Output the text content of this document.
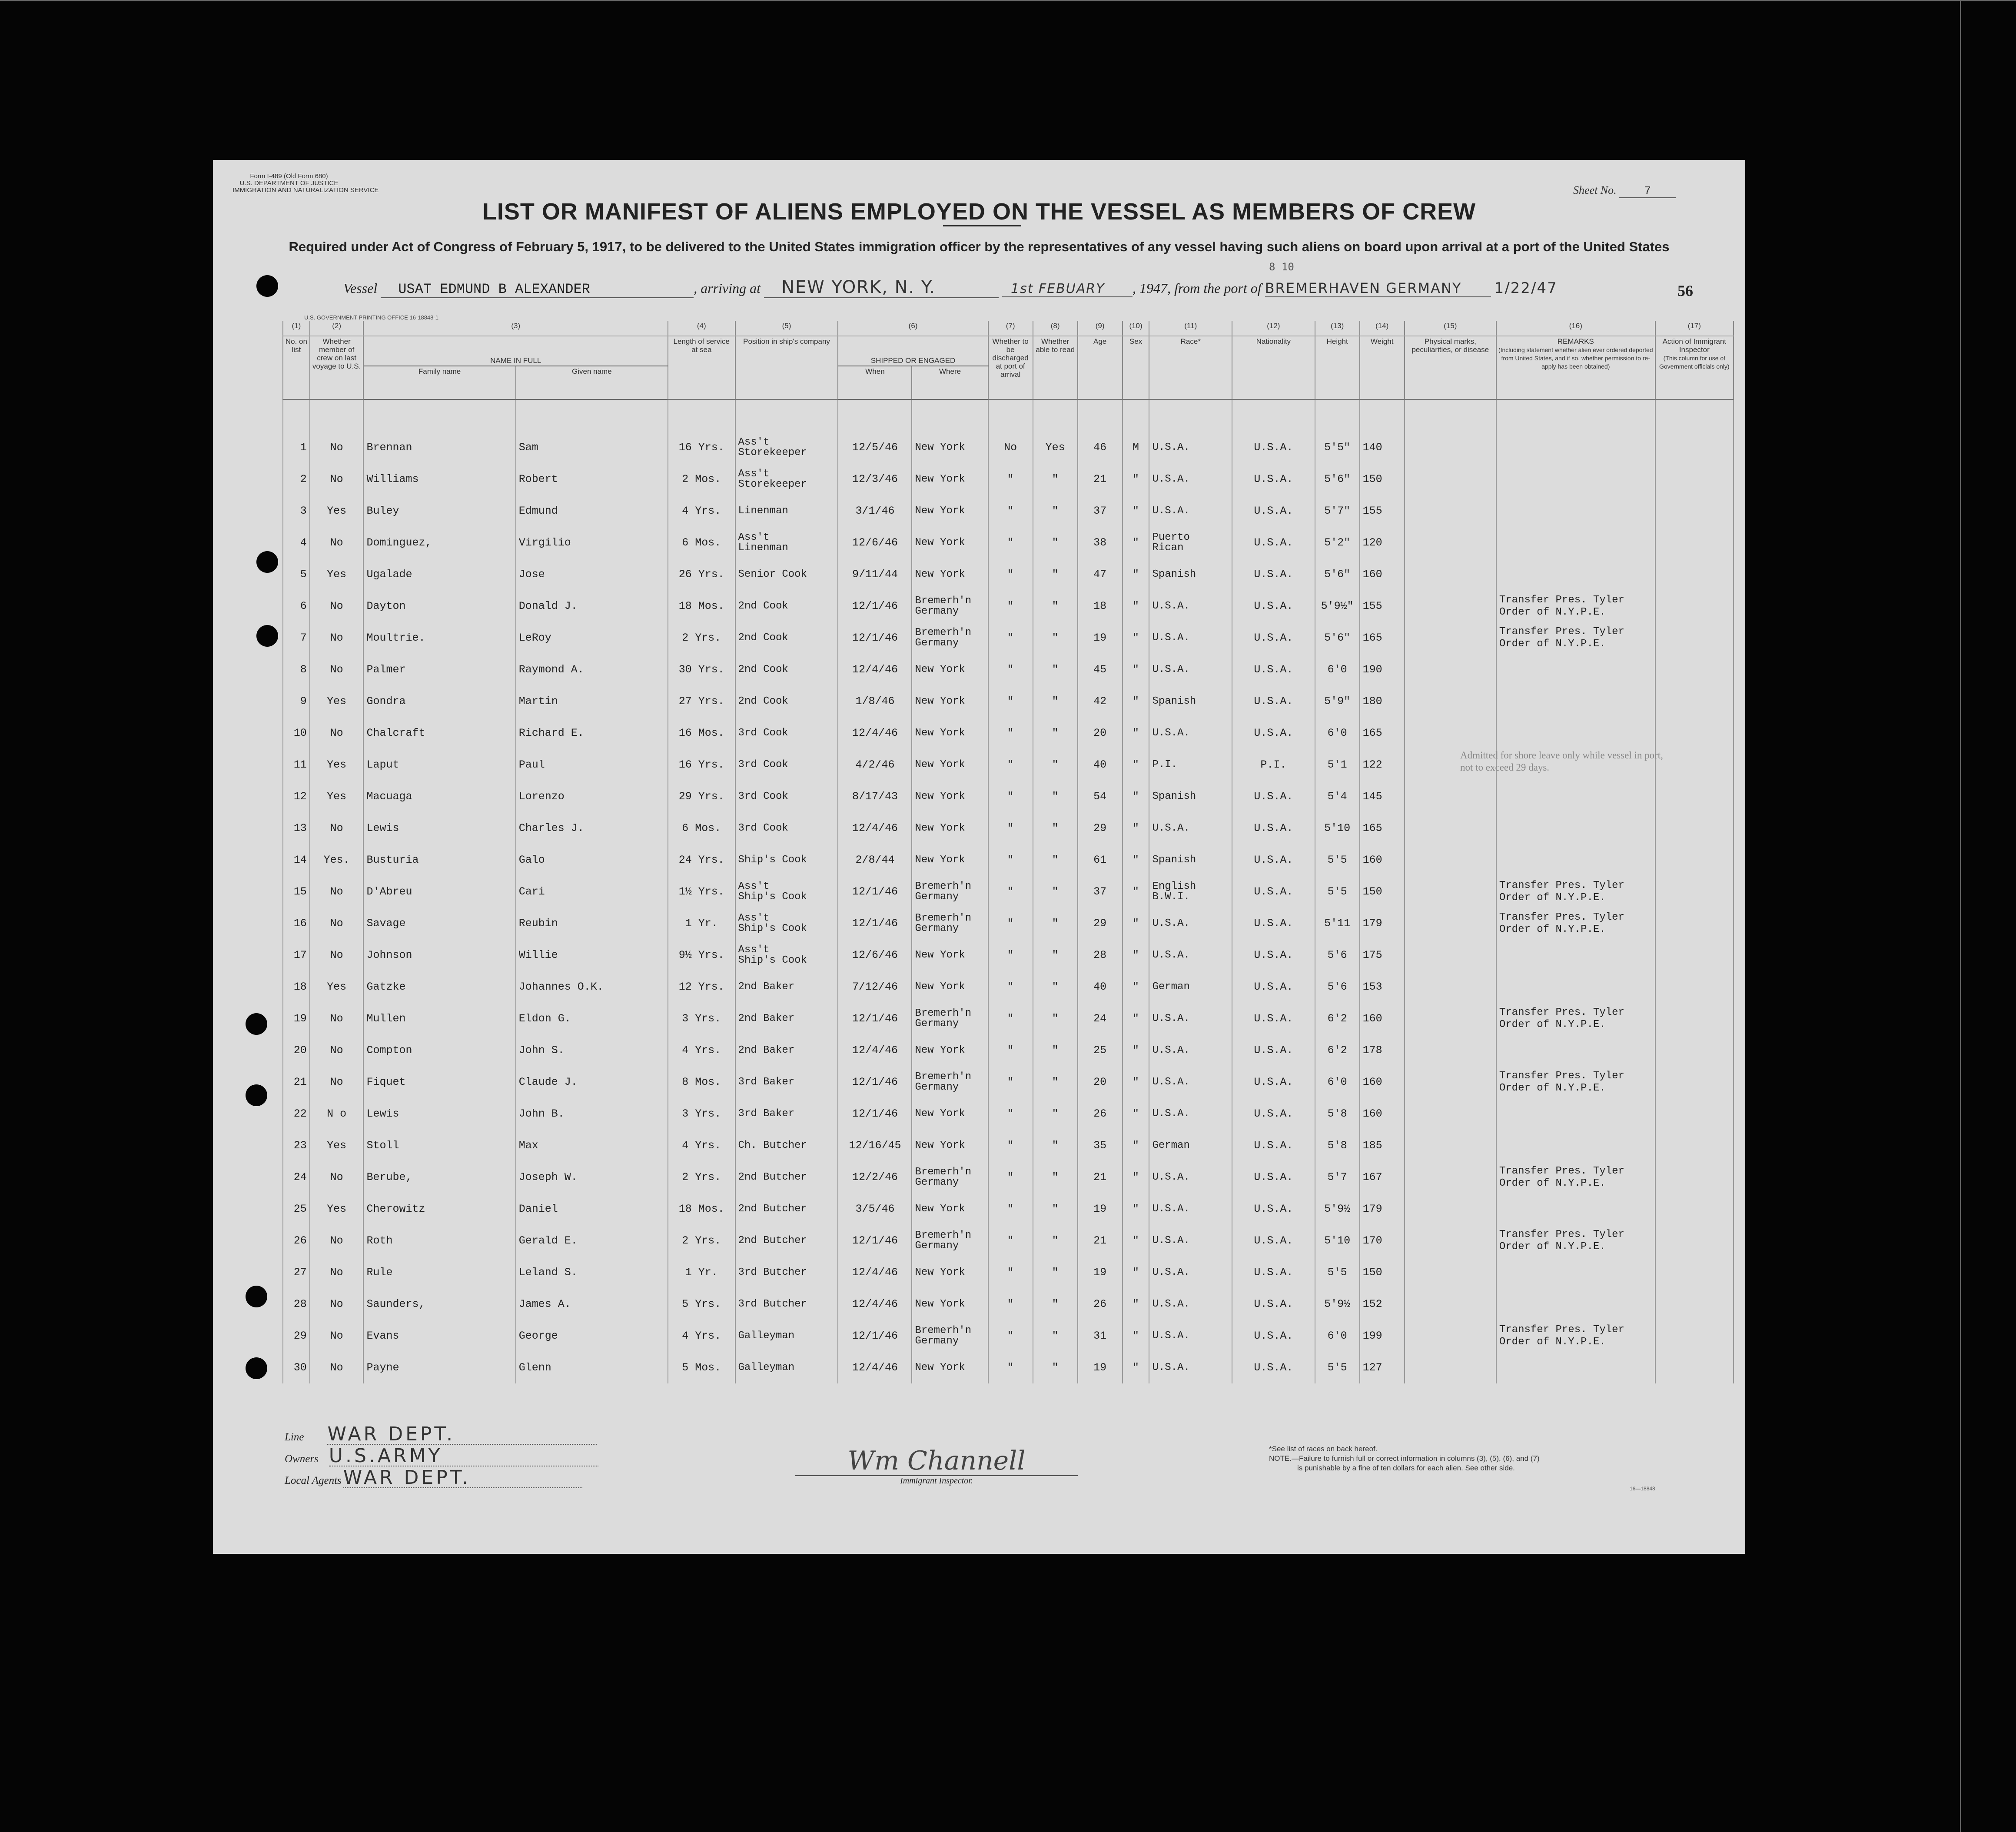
Form I-489 (Old Form 680)
U.S. DEPARTMENT OF JUSTICE
IMMIGRATION AND NATURALIZATION SERVICE	Sheet No. 7
LIST OR MANIFEST OF ALIENS EMPLOYED ON THE VESSEL AS MEMBERS OF CREW
Required under Act of Congress of February 5, 1917, to be delivered to the United States immigration officer by the representatives of any vessel having such aliens on board upon arrival at a port of the United States
8 10
Vessel USAT EDMUND B ALEXANDER	, arriving at NEW YORK, N. Y.	1st FEBUARY , 1947, from the port of BREMERHAVEN GERMANY 1/22/47	56
U.S. GOVERNMENT PRINTING OFFICE 16-18848-1
(1)	(2)	(3)		(4)	(5)	(6)		(7)	(8)	(9)	(10)	(11)	(12)	(13)	(14)	(15)	(16)	(17)
No. on list	Whether member of crew on last voyage to U.S.	NAME IN FULL		Length of service at sea	Position in ship's company	SHIPPED OR ENGAGED		Whether to be discharged at port of arrival	Whether able to read	Age	Sex	Race*	Nationality	Height	Weight	Physical marks, peculiarities, or disease	REMARKS
(Including statement whether alien ever ordered deported from United States, and if so, whether permission to re-apply has been obtained)	Action of Immigrant Inspector
(This column for use of Government officials only)
		Family name	Given name			When	Where											

1	No	Brennan	Sam	16 Yrs.	Ass't
Storekeeper	12/5/46	New York	No	Yes	46	M	U.S.A.	U.S.A.	5'5"	140			
2	No	Williams	Robert	2 Mos.	Ass't
Storekeeper	12/3/46	New York	"	"	21	"	U.S.A.	U.S.A.	5'6"	150			
3	Yes	Buley	Edmund	4 Yrs.	Linenman	3/1/46	New York	"	"	37	"	U.S.A.	U.S.A.	5'7"	155			
4	No	Dominguez,	Virgilio	6 Mos.	Ass't
Linenman	12/6/46	New York	"	"	38	"	Puerto
Rican	U.S.A.	5'2"	120			
5	Yes	Ugalade	Jose	26 Yrs.	Senior Cook	9/11/44	New York	"	"	47	"	Spanish	U.S.A.	5'6"	160			
6	No	Dayton	Donald J.	18 Mos.	2nd Cook	12/1/46	Bremerh'n
Germany	"	"	18	"	U.S.A.	U.S.A.	5'9½"	155		Transfer Pres. Tyler
Order of N.Y.P.E.	

7	No	Moultrie.	LeRoy	2 Yrs.	2nd Cook	12/1/46	Bremerh'n
Germany	"	"	19	"	U.S.A.	U.S.A.	5'6"	165		Transfer Pres. Tyler
Order of N.Y.P.E.	

8	No	Palmer	Raymond A.	30 Yrs.	2nd Cook	12/4/46	New York	"	"	45	"	U.S.A.	U.S.A.	6'0	190			
9	Yes	Gondra	Martin	27 Yrs.	2nd Cook	1/8/46	New York	"	"	42	"	Spanish	U.S.A.	5'9"	180			
10	No	Chalcraft	Richard E.	16 Mos.	3rd Cook	12/4/46	New York	"	"	20	"	U.S.A.	U.S.A.	6'0	165			
11	Yes	Laput	Paul	16 Yrs.	3rd Cook	4/2/46	New York	"	"	40	"	P.I.	P.I.	5'1	122			
12	Yes	Macuaga	Lorenzo	29 Yrs.	3rd Cook	8/17/43	New York	"	"	54	"	Spanish	U.S.A.	5'4	145			
13	No	Lewis	Charles J.	6 Mos.	3rd Cook	12/4/46	New York	"	"	29	"	U.S.A.	U.S.A.	5'10	165			
14	Yes.	Busturia	Galo	24 Yrs.	Ship's Cook	2/8/44	New York	"	"	61	"	Spanish	U.S.A.	5'5	160			
15	No	D'Abreu	Cari	1½ Yrs.	Ass't
Ship's Cook	12/1/46	Bremerh'n
Germany	"	"	37	"	English
B.W.I.	U.S.A.	5'5	150		Transfer Pres. Tyler
Order of N.Y.P.E.	

16	No	Savage	Reubin	1 Yr.	Ass't
Ship's Cook	12/1/46	Bremerh'n
Germany	"	"	29	"	U.S.A.	U.S.A.	5'11	179		Transfer Pres. Tyler
Order of N.Y.P.E.	

17	No	Johnson	Willie	9½ Yrs.	Ass't
Ship's Cook	12/6/46	New York	"	"	28	"	U.S.A.	U.S.A.	5'6	175			
18	Yes	Gatzke	Johannes O.K.	12 Yrs.	2nd Baker	7/12/46	New York	"	"	40	"	German	U.S.A.	5'6	153			
19	No	Mullen	Eldon G.	3 Yrs.	2nd Baker	12/1/46	Bremerh'n
Germany	"	"	24	"	U.S.A.	U.S.A.	6'2	160		Transfer Pres. Tyler
Order of N.Y.P.E.	

20	No	Compton	John S.	4 Yrs.	2nd Baker	12/4/46	New York	"	"	25	"	U.S.A.	U.S.A.	6'2	178			
21	No	Fiquet	Claude J.	8 Mos.	3rd Baker	12/1/46	Bremerh'n
Germany	"	"	20	"	U.S.A.	U.S.A.	6'0	160		Transfer Pres. Tyler
Order of N.Y.P.E.	

22	N o	Lewis	John B.	3 Yrs.	3rd Baker	12/1/46	New York	"	"	26	"	U.S.A.	U.S.A.	5'8	160			
23	Yes	Stoll	Max	4 Yrs.	Ch. Butcher	12/16/45	New York	"	"	35	"	German	U.S.A.	5'8	185			
24	No	Berube,	Joseph W.	2 Yrs.	2nd Butcher	12/2/46	Bremerh'n
Germany	"	"	21	"	U.S.A.	U.S.A.	5'7	167		Transfer Pres. Tyler
Order of N.Y.P.E.	

25	Yes	Cherowitz	Daniel	18 Mos.	2nd Butcher	3/5/46	New York	"	"	19	"	U.S.A.	U.S.A.	5'9½	179			
26	No	Roth	Gerald E.	2 Yrs.	2nd Butcher	12/1/46	Bremerh'n
Germany	"	"	21	"	U.S.A.	U.S.A.	5'10	170		Transfer Pres. Tyler
Order of N.Y.P.E.	

27	No	Rule	Leland S.	1 Yr.	3rd Butcher	12/4/46	New York	"	"	19	"	U.S.A.	U.S.A.	5'5	150			
28	No	Saunders,	James A.	5 Yrs.	3rd Butcher	12/4/46	New York	"	"	26	"	U.S.A.	U.S.A.	5'9½	152			
29	No	Evans	George	4 Yrs.	Galleyman	12/1/46	Bremerh'n
Germany	"	"	31	"	U.S.A.	U.S.A.	6'0	199		Transfer Pres. Tyler
Order of N.Y.P.E.	

30	No	Payne	Glenn	5 Mos.	Galleyman	12/4/46	New York	"	"	19	"	U.S.A.	U.S.A.	5'5	127			
Admitted for shore leave only while vessel in port, not to exceed 29 days.
Line WAR DEPT.
Owners U.S.ARMY
Local Agents WAR DEPT.
Wm Channell
Immigrant Inspector.
*See list of races on back hereof.
NOTE.—Failure to furnish full or correct information in columns (3), (5), (6), and (7)
is punishable by a fine of ten dollars for each alien. See other side.
16—18848
